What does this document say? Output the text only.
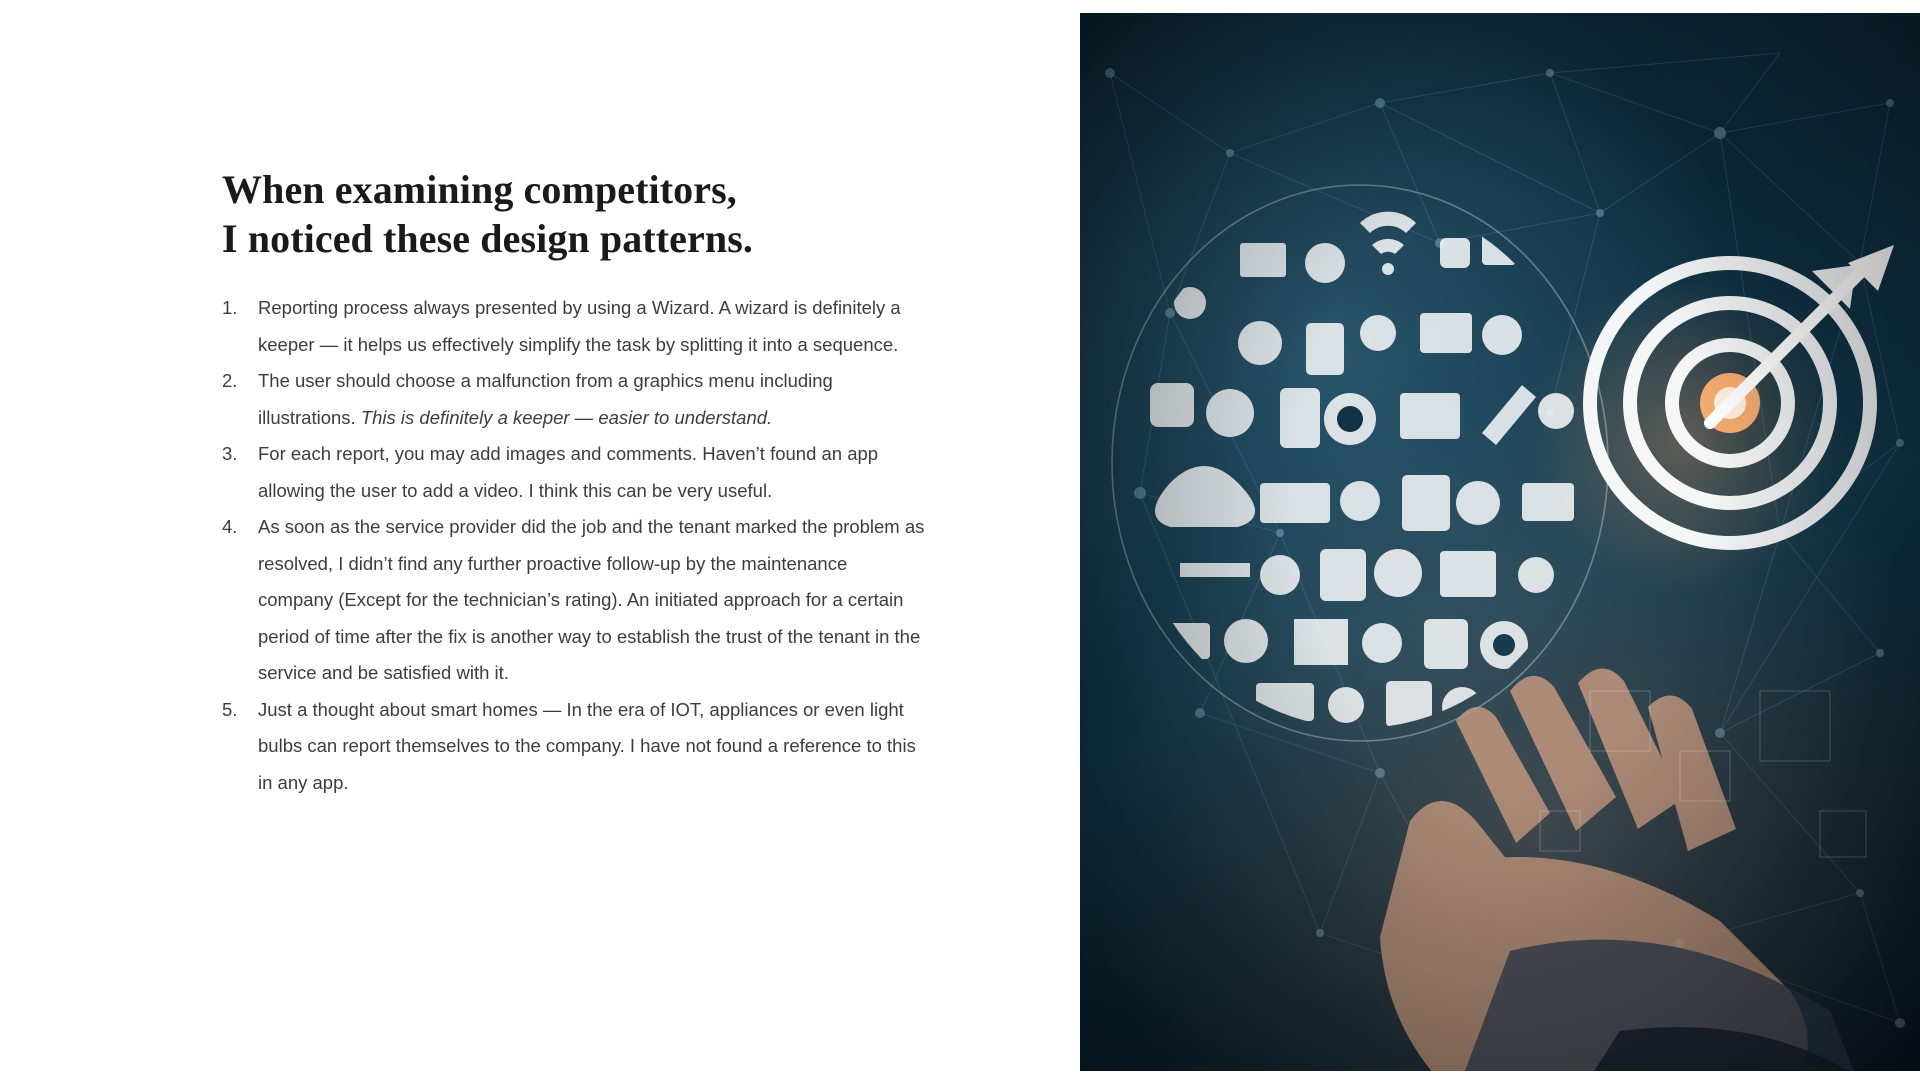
When examining competitors,
I noticed these design patterns.
1.	Reporting process always presented by using a Wizard. A wizard is definitely a keeper — it helps us effectively simplify the task by splitting it into a sequence.
2.	The user should choose a malfunction from a graphics menu including illustrations. This is definitely a keeper — easier to understand.
3.	For each report, you may add images and comments. Haven’t found an app allowing the user to add a video. I think this can be very useful.
4.	As soon as the service provider did the job and the tenant marked the problem as resolved, I didn’t find any further proactive follow-up by the maintenance company (Except for the technician’s rating). An initiated approach for a certain period of time after the fix is another way to establish the trust of the tenant in the service and be satisfied with it.
5.	Just a thought about smart homes — In the era of IOT, appliances or even light bulbs can report themselves to the company. I have not found a reference to this in any app.
